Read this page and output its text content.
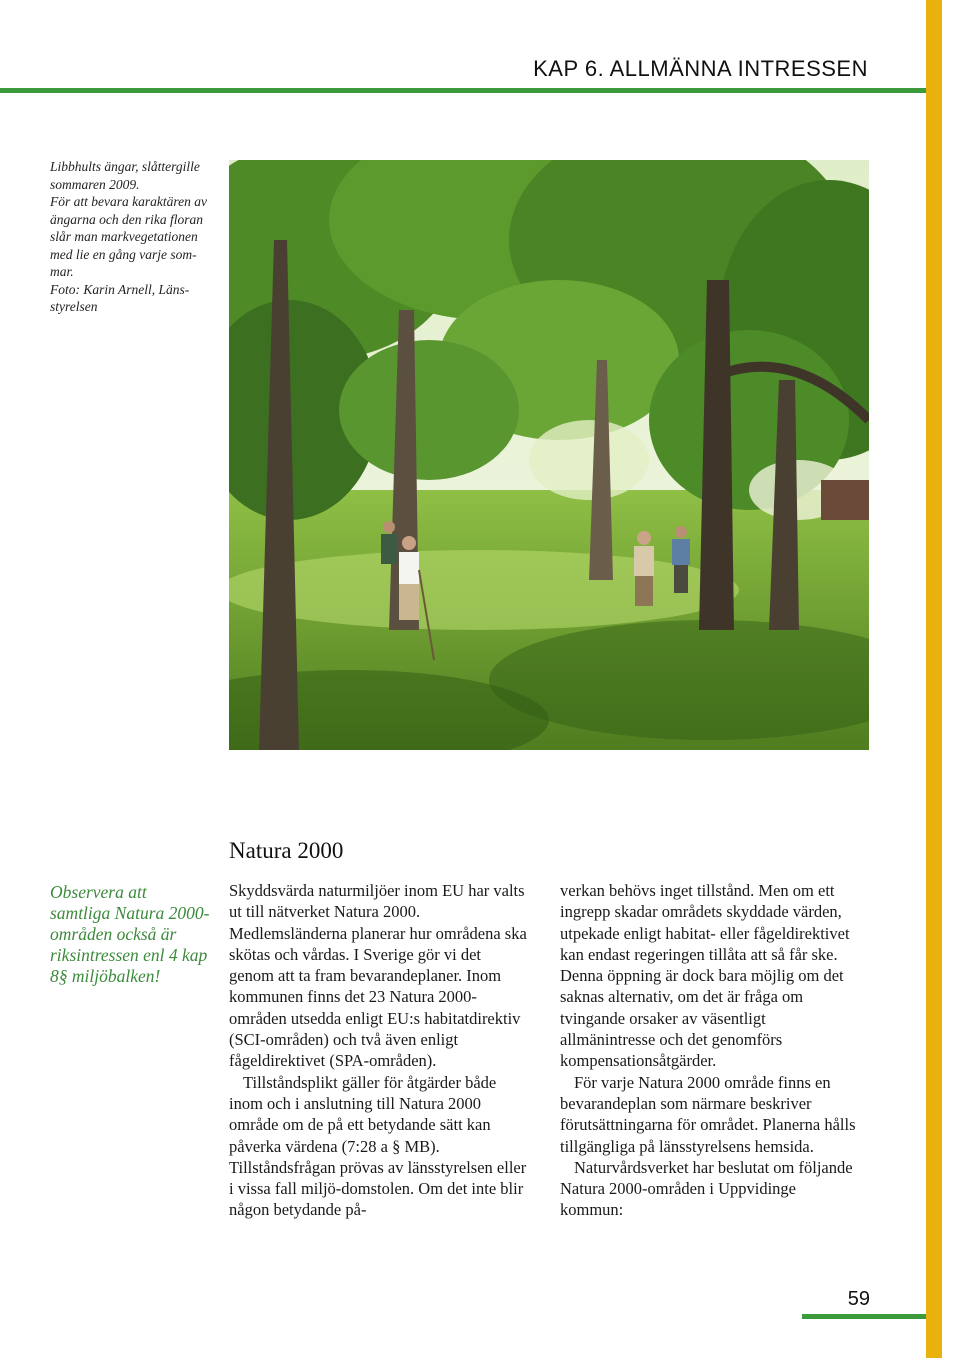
KAP 6. ALLMÄNNA INTRESSEN

Libbhults ängar, slåttergille

sommaren 2009.

För att bevara karaktären av

ängarna och den rika floran

slår man markvegetationen

med lie en gång varje som-

mar.

Foto: Karin Arnell, Läns-

styrelsen

Natura 2000
Observera att samtliga Natura 2000-områden också är riksintressen enl 4 kap 8§ miljöbalken!

Skyddsvärda naturmiljöer inom EU har valts ut till nätverket Natura 2000. Medlemsländerna planerar hur områdena ska skötas och vårdas. I Sverige gör vi det genom att ta fram bevarandeplaner. Inom kommunen finns det 23 Natura 2000-områden utsedda enligt EU:s habitatdirektiv (SCI-områden) och två även enligt fågeldirektivet (SPA-områden).

Tillståndsplikt gäller för åtgärder både inom och i anslutning till Natura 2000 område om de på ett betydande sätt kan påverka värdena (7:28 a § MB). Tillståndsfrågan prövas av länsstyrelsen eller i vissa fall miljö-domstolen. Om det inte blir någon betydande på-

verkan behövs inget tillstånd. Men om ett ingrepp skadar områdets skyddade värden, utpekade enligt habitat- eller fågeldirektivet kan endast regeringen tillåta att så får ske. Denna öppning är dock bara möjlig om det saknas alternativ, om det är fråga om tvingande orsaker av väsentligt allmänintresse och det genomförs kompensationsåtgärder.

För varje Natura 2000 område finns en bevarandeplan som närmare beskriver förutsättningarna för området. Planerna hålls tillgängliga på länsstyrelsens hemsida.

Naturvårdsverket har beslutat om följande Natura 2000-områden i Uppvidinge kommun:

59
